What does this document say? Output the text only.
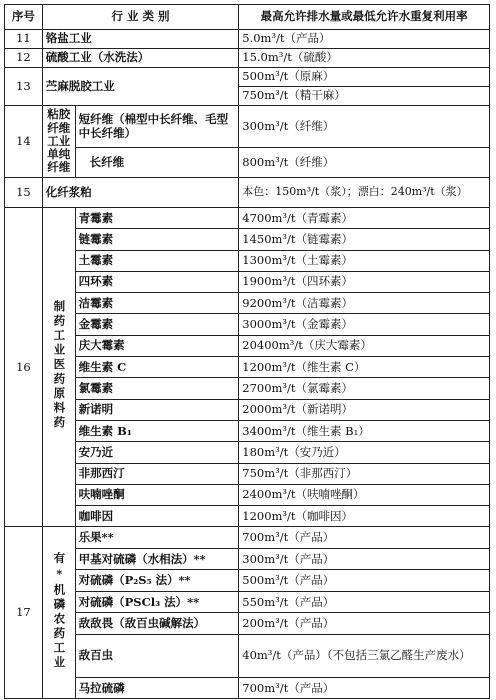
序号	行 业 类 别		最高允许排水量或最低允许水重复利用率
11	铬盐工业		5.0m³/t（产品）
12	硫酸工业（水洗法）		15.0m³/t（硫酸）
13	苎麻脱胶工业		500m³/t（原麻）
			750m³/t（精干麻）
14	粘胶纤维工业单纯纤维	短纤维（棉型中长纤维、毛型中长纤维）	300m³/t（纤维）
		长纤维	800m³/t（纤维）
15	化纤浆粕		本色：150m³/t（浆）；漂白：240m³/t（浆）
16	制药工业医药原料药	青霉素	4700m³/t（青霉素）
		链霉素	1450m³/t（链霉素）
		土霉素	1300m³/t（土霉素）
		四环素	1900m³/t（四环素）
		洁霉素	9200m³/t（洁霉素）
		金霉素	3000m³/t（金霉素）
		庆大霉素	20400m³/t（庆大霉素）
		维生素 C	1200m³/t（维生素 C）
		氯霉素	2700m³/t（氯霉素）
		新诺明	2000m³/t（新诺明）
		维生素 B₁	3400m³/t（维生素 B₁）
		安乃近	180m³/t（安乃近）
		非那西汀	750m³/t（非那西汀）
		呋喃唑酮	2400m³/t（呋喃唑酮）
		咖啡因	1200m³/t（咖啡因）
17	有*机磷农药工业	乐果**	700m³/t（产品）
		甲基对硫磷（水相法）**	300m³/t（产品）
		对硫磷（P₂S₅ 法）**	500m³/t（产品）
		对硫磷（PSCl₃ 法）**	550m³/t（产品）
		敌敌畏（敌百虫碱解法）	200m³/t（产品）
		敌百虫	40m³/t（产品）（不包括三氯乙醛生产废水）
		马拉硫磷	700m³/t（产品）
